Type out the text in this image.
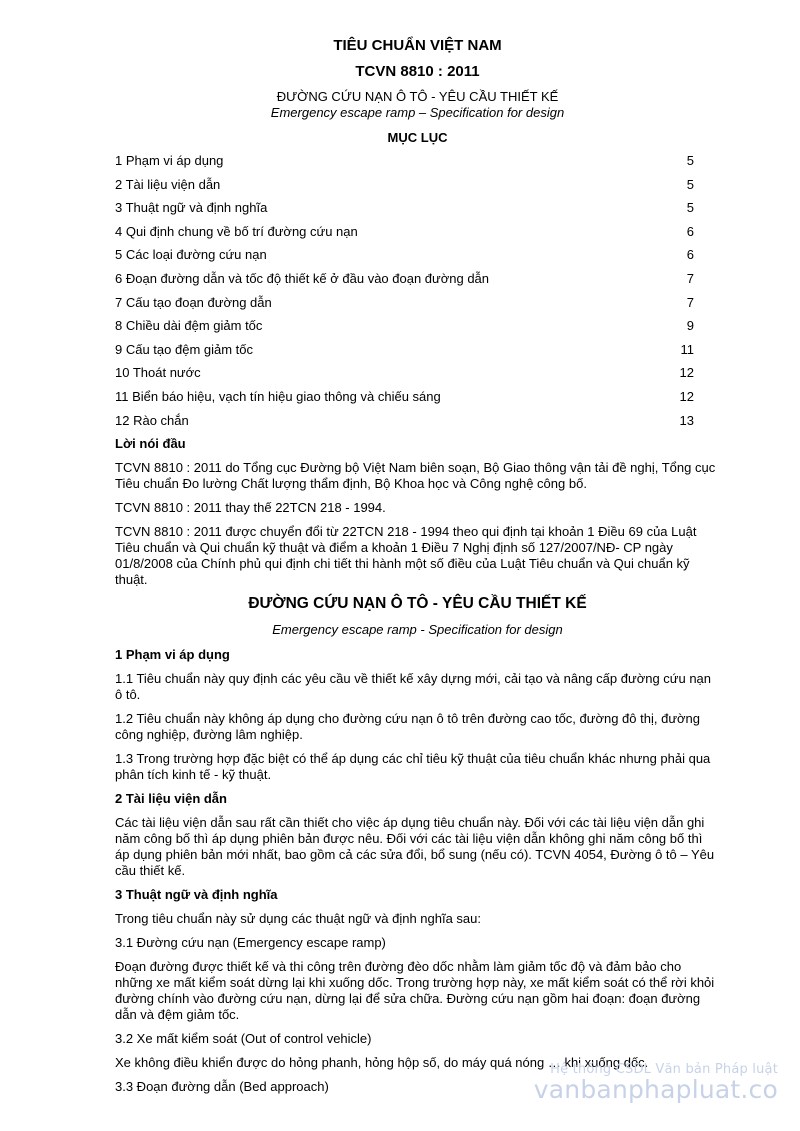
TIÊU CHUẨN VIỆT NAM
TCVN 8810 : 2011
ĐƯỜNG CỨU NẠN Ô TÔ - YÊU CẦU THIẾT KẾ
Emergency escape ramp – Specification for design
MỤC LỤC
1 Phạm vi áp dụng	5
2 Tài liệu viện dẫn	5
3 Thuật ngữ và định nghĩa	5
4 Qui định chung về bố trí đường cứu nạn	6
5 Các loại đường cứu nạn	6
6 Đoạn đường dẫn và tốc độ thiết kế ở đầu vào đoạn đường dẫn	7
7 Cấu tạo đoạn đường dẫn	7
8 Chiều dài đệm giảm tốc	9
9 Cấu tạo đệm giảm tốc	11
10 Thoát nước	12
11 Biển báo hiệu, vạch tín hiệu giao thông và chiếu sáng	12
12 Rào chắn	13
Lời nói đầu
TCVN 8810 : 2011 do Tổng cục Đường bộ Việt Nam biên soạn, Bộ Giao thông vận tải đề nghị, Tổng cục Tiêu chuẩn Đo lường Chất lượng thẩm định, Bộ Khoa học và Công nghệ công bố.
TCVN 8810 : 2011 thay thế 22TCN 218 - 1994.
TCVN 8810 : 2011 được chuyển đổi từ 22TCN 218 - 1994 theo qui định tại khoản 1 Điều 69 của Luật Tiêu chuẩn và Qui chuẩn kỹ thuật và điểm a khoản 1 Điều 7 Nghị định số 127/2007/NĐ- CP ngày 01/8/2008 của Chính phủ qui định chi tiết thi hành một số điều của Luật Tiêu chuẩn và Qui chuẩn kỹ thuật.
ĐƯỜNG CỨU NẠN Ô TÔ - YÊU CẦU THIẾT KẾ
Emergency escape ramp - Specification for design
1 Phạm vi áp dụng
1.1 Tiêu chuẩn này quy định các yêu cầu về thiết kế xây dựng mới, cải tạo và nâng cấp đường cứu nạn ô tô.
1.2 Tiêu chuẩn này không áp dụng cho đường cứu nạn ô tô trên đường cao tốc, đường đô thị, đường công nghiệp, đường lâm nghiệp.
1.3 Trong trường hợp đặc biệt có thể áp dụng các chỉ tiêu kỹ thuật của tiêu chuẩn khác nhưng phải qua phân tích kinh tế - kỹ thuật.
2 Tài liệu viện dẫn
Các tài liệu viện dẫn sau rất cần thiết cho việc áp dụng tiêu chuẩn này. Đối với các tài liệu viện dẫn ghi năm công bố thì áp dụng phiên bản được nêu. Đối với các tài liệu viện dẫn không ghi năm công bố thì áp dụng phiên bản mới nhất, bao gồm cả các sửa đổi, bổ sung (nếu có). TCVN 4054, Đường ô tô – Yêu cầu thiết kế.
3 Thuật ngữ và định nghĩa
Trong tiêu chuẩn này sử dụng các thuật ngữ và định nghĩa sau:
3.1 Đường cứu nạn (Emergency escape ramp)
Đoạn đường được thiết kế và thi công trên đường đèo dốc nhằm làm giảm tốc độ và đảm bảo cho những xe mất kiểm soát dừng lại khi xuống dốc. Trong trường hợp này, xe mất kiểm soát có thể rời khỏi đường chính vào đường cứu nạn, dừng lại để sửa chữa. Đường cứu nạn gồm hai đoạn: đoạn đường dẫn và đệm giảm tốc.
3.2 Xe mất kiểm soát (Out of control vehicle)
Xe không điều khiển được do hỏng phanh, hỏng hộp số, do máy quá nóng … khi xuống dốc.
3.3 Đoạn đường dẫn (Bed approach)
Hệ thống CSDL Văn bản Pháp luật
vanbanphapluat.co
